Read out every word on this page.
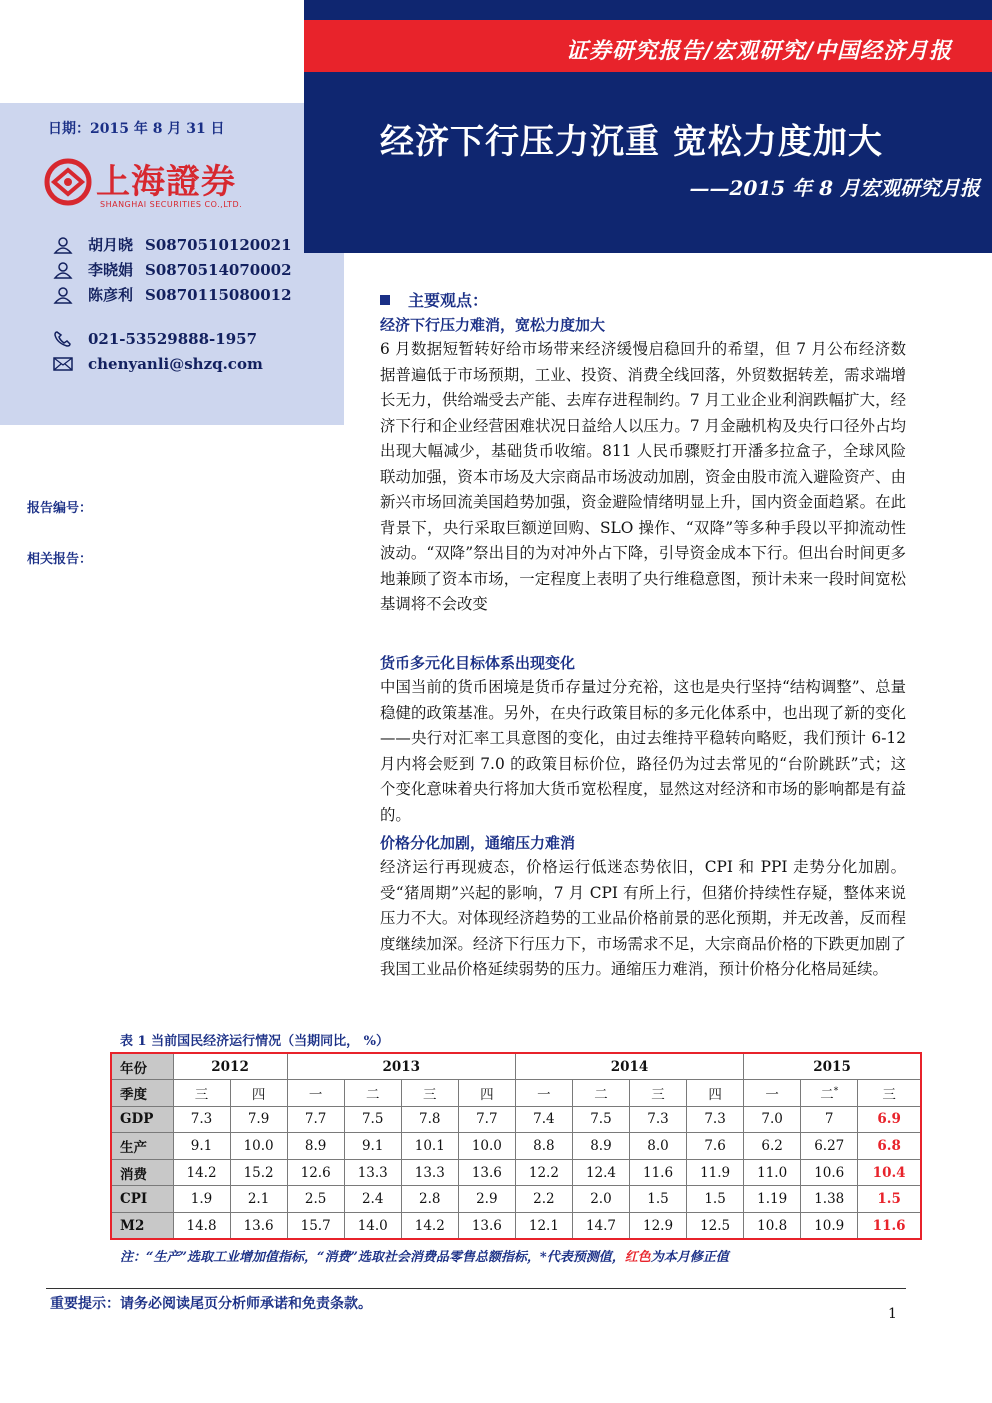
证券研究报告/宏观研究/中国经济月报
经济下行压力沉重 宽松力度加大
——2015 年 8 月宏观研究月报
日期：2015 年 8 月 31 日
上海證券
SHANGHAI SECURITIES CO.,LTD.
胡月晓 S0870510120021
李晓娟 S0870514070002
陈彦利 S0870115080012
021-53529888-1957
chenyanli@shzq.com
报告编号：
相关报告：
主要观点：
经济下行压力难消，宽松力度加大
6 月数据短暂转好给市场带来经济缓慢启稳回升的希望，但 7 月公布经济数据普遍低于市场预期，工业、投资、消费全线回落，外贸数据转差，需求端增长无力，供给端受去产能、去库存进程制约。7 月工业企业利润跌幅扩大，经济下行和企业经营困难状况日益给人以压力。7 月金融机构及央行口径外占均出现大幅减少，基础货币收缩。811 人民币骤贬打开潘多拉盒子，全球风险联动加强，资本市场及大宗商品市场波动加剧，资金由股市流入避险资产、由新兴市场回流美国趋势加强，资金避险情绪明显上升，国内资金面趋紧。在此背景下，央行采取巨额逆回购、SLO 操作、“双降”等多种手段以平抑流动性波动。“双降”祭出目的为对冲外占下降，引导资金成本下行。但出台时间更多地兼顾了资本市场，一定程度上表明了央行维稳意图，预计未来一段时间宽松基调将不会改变
货币多元化目标体系出现变化
中国当前的货币困境是货币存量过分充裕，这也是央行坚持“结构调整”、总量稳健的政策基准。另外，在央行政策目标的多元化体系中，也出现了新的变化——央行对汇率工具意图的变化，由过去维持平稳转向略贬，我们预计 6-12 月内将会贬到 7.0 的政策目标价位，路径仍为过去常见的“台阶跳跃”式；这个变化意味着央行将加大货币宽松程度，显然这对经济和市场的影响都是有益的。
价格分化加剧，通缩压力难消
经济运行再现疲态，价格运行低迷态势依旧，CPI 和 PPI 走势分化加剧。受“猪周期”兴起的影响，7 月 CPI 有所上行，但猪价持续性存疑，整体来说压力不大。对体现经济趋势的工业品价格前景的恶化预期，并无改善，反而程度继续加深。经济下行压力下，市场需求不足，大宗商品价格的下跌更加剧了我国工业品价格延续弱势的压力。通缩压力难消，预计价格分化格局延续。
表 1 当前国民经济运行情况（当期同比， %）
年份	2012		2013				2014				2015		
季度	三	四	一	二	三	四	一	二	三	四	一	二*	三
GDP	7.3	7.9	7.7	7.5	7.8	7.7	7.4	7.5	7.3	7.3	7.0	7	6.9
生产	9.1	10.0	8.9	9.1	10.1	10.0	8.8	8.9	8.0	7.6	6.2	6.27	6.8
消费	14.2	15.2	12.6	13.3	13.3	13.6	12.2	12.4	11.6	11.9	11.0	10.6	10.4
CPI	1.9	2.1	2.5	2.4	2.8	2.9	2.2	2.0	1.5	1.5	1.19	1.38	1.5
M2	14.8	13.6	15.7	14.0	14.2	13.6	12.1	14.7	12.9	12.5	10.8	10.9	11.6
注：“生产”选取工业增加值指标，“消费”选取社会消费品零售总额指标，*代表预测值，红色为本月修正值
重要提示：请务必阅读尾页分析师承诺和免责条款。
1
